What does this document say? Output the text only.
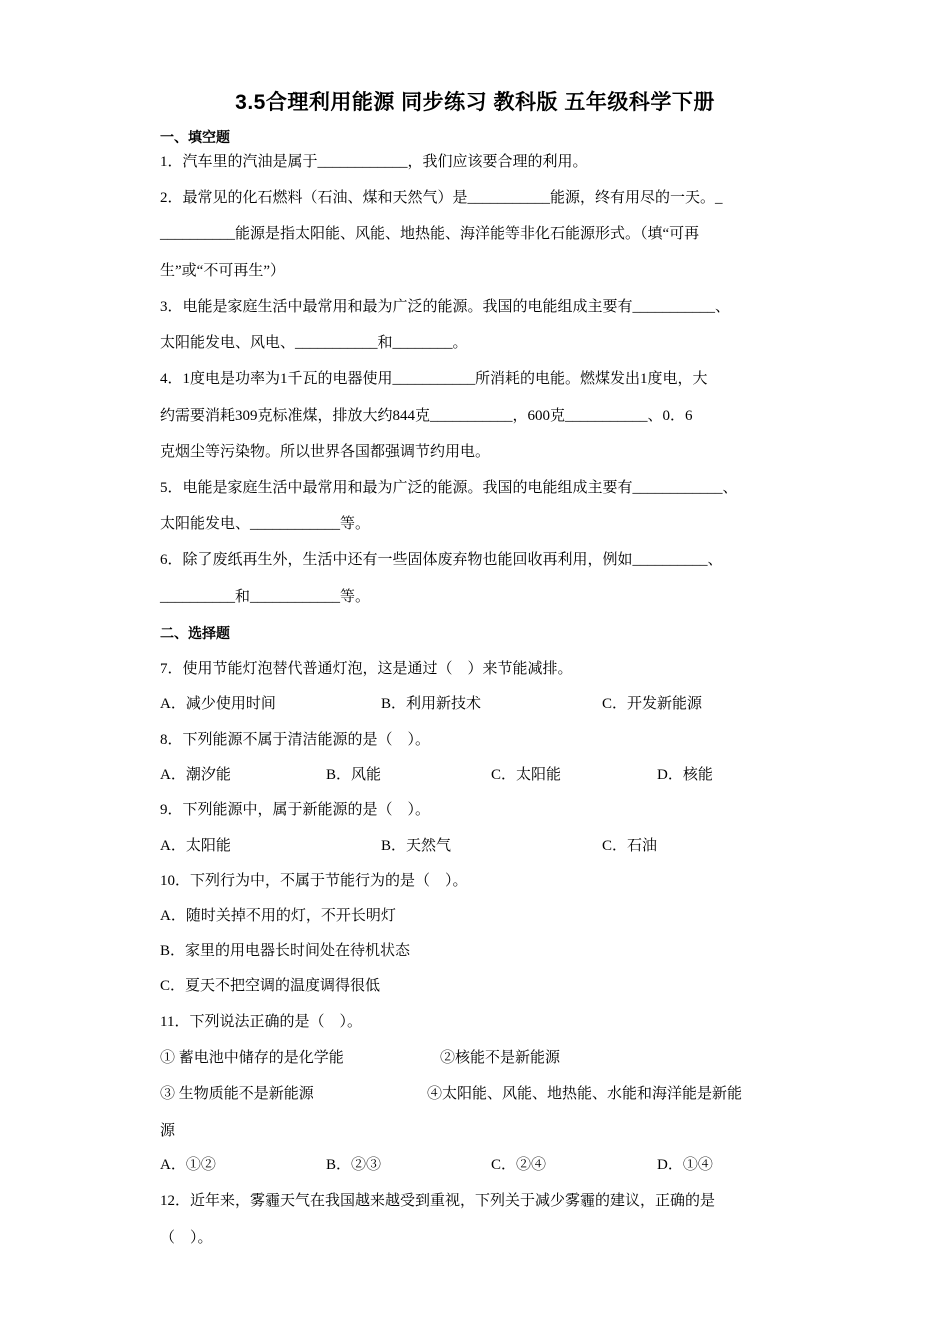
3.5合理利用能源 同步练习 教科版 五年级科学下册
一、填空题
1．汽车里的汽油是属于____________，我们应该要合理的利用。
2．最常见的化石燃料（石油、煤和天然气）是___________能源，终有用尽的一天。_
__________能源是指太阳能、风能、地热能、海洋能等非化石能源形式。（填“可再
生”或“不可再生”）
3．电能是家庭生活中最常用和最为广泛的能源。我国的电能组成主要有___________、
太阳能发电、风电、___________和________。
4．1度电是功率为1千瓦的电器使用___________所消耗的电能。燃煤发出1度电，大
约需要消耗309克标准煤，排放大约844克___________，600克___________、0．6
克烟尘等污染物。所以世界各国都强调节约用电。
5．电能是家庭生活中最常用和最为广泛的能源。我国的电能组成主要有____________、
太阳能发电、____________等。
6．除了废纸再生外，生活中还有一些固体废弃物也能回收再利用，例如__________、
__________和____________等。
二、选择题
7．使用节能灯泡替代普通灯泡，这是通过（　）来节能减排。
A．减少使用时间	B．利用新技术	C．开发新能源
8．下列能源不属于清洁能源的是（　）。
A．潮汐能	B．风能	C．太阳能	D．核能
9．下列能源中，属于新能源的是（　）。
A．太阳能	B．天然气	C．石油
10．下列行为中，不属于节能行为的是（　）。
A．随时关掉不用的灯，不开长明灯
B．家里的用电器长时间处在待机状态
C．夏天不把空调的温度调得很低
11．下列说法正确的是（　）。
① 蓄电池中储存的是化学能	②核能不是新能源
③ 生物质能不是新能源	④太阳能、风能、地热能、水能和海洋能是新能
源
A．①②	B．②③	C．②④	D．①④
12．近年来，雾霾天气在我国越来越受到重视，下列关于减少雾霾的建议，正确的是
（　）。
